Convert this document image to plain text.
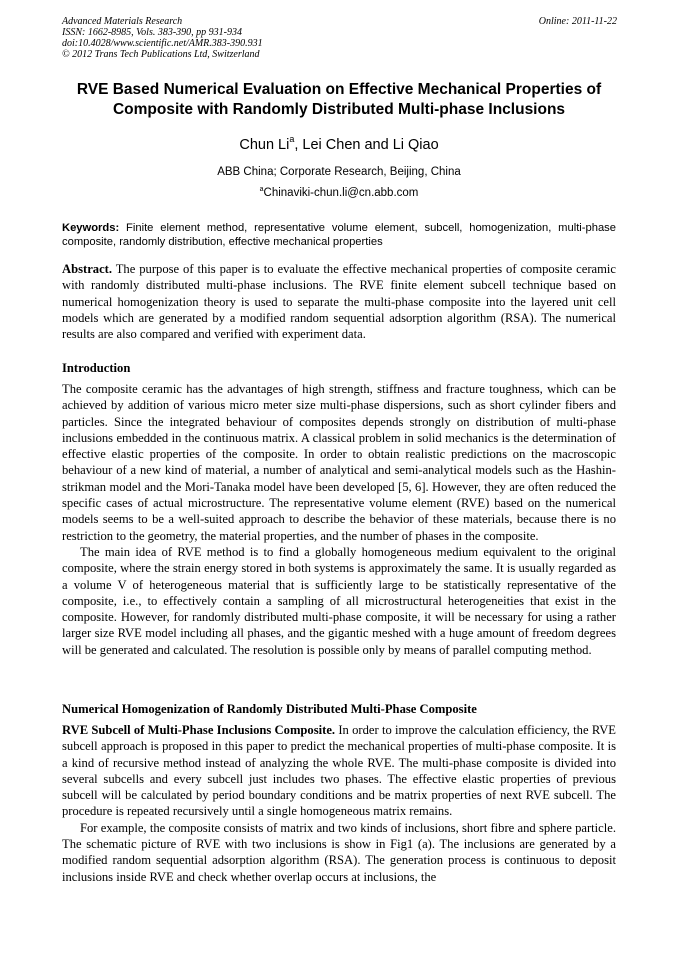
Advanced Materials Research	Online: 2011-11-22
ISSN: 1662-8985, Vols. 383-390, pp 931-934
doi:10.4028/www.scientific.net/AMR.383-390.931
© 2012 Trans Tech Publications Ltd, Switzerland
RVE Based Numerical Evaluation on Effective Mechanical Properties of Composite with Randomly Distributed Multi-phase Inclusions
Chun Li$^a$, Lei Chen and Li Qiao
ABB China; Corporate Research, Beijing, China
$^a$Chinaviki-chun.li@cn.abb.com
Keywords: Finite element method, representative volume element, subcell, homogenization, multi-phase composite, randomly distribution, effective mechanical properties

Abstract. The purpose of this paper is to evaluate the effective mechanical properties of composite ceramic with randomly distributed multi-phase inclusions. The RVE finite element subcell technique based on numerical homogenization theory is used to separate the multi-phase composite into the layered unit cell models which are generated by a modified random sequential adsorption algorithm (RSA). The numerical results are also compared and verified with experiment data.

Introduction

The composite ceramic has the advantages of high strength, stiffness and fracture toughness, which can be achieved by addition of various micro meter size multi-phase dispersions, such as short cylinder fibers and particles. Since the integrated behaviour of composites depends strongly on distribution of multi-phase inclusions embedded in the continuous matrix. A classical problem in solid mechanics is the determination of effective elastic properties of the composite. In order to obtain realistic predictions on the macroscopic behaviour of a new kind of material, a number of analytical and semi-analytical models such as the Hashin-strikman model and the Mori-Tanaka model have been developed [5, 6]. However, they are often reduced the specific cases of actual microstructure. The representative volume element (RVE) based on the numerical models seems to be a well-suited approach to describe the behavior of these materials, because there is no restriction to the geometry, the material properties, and the number of phases in the composite.

The main idea of RVE method is to find a globally homogeneous medium equivalent to the original composite, where the strain energy stored in both systems is approximately the same. It is usually regarded as a volume V of heterogeneous material that is sufficiently large to be statistically representative of the composite, i.e., to effectively contain a sampling of all microstructural heterogeneities that exist in the composite. However, for randomly distributed multi-phase composite, it will be necessary for using a rather larger size RVE model including all phases, and the gigantic meshed with a huge amount of freedom degrees will be generated and calculated. The resolution is possible only by means of parallel computing method.

Numerical Homogenization of Randomly Distributed Multi-Phase Composite

RVE Subcell of Multi-Phase Inclusions Composite. In order to improve the calculation efficiency, the RVE subcell approach is proposed in this paper to predict the mechanical properties of multi-phase composite. It is a kind of recursive method instead of analyzing the whole RVE. The multi-phase composite is divided into several subcells and every subcell just includes two phases. The effective elastic properties of previous subcell will be calculated by period boundary conditions and be matrix properties of next RVE subcell. The procedure is repeated recursively until a single homogeneous matrix remains.

For example, the composite consists of matrix and two kinds of inclusions, short fibre and sphere particle. The schematic picture of RVE with two inclusions is show in Fig1 (a). The inclusions are generated by a modified random sequential adsorption algorithm (RSA). The generation process is continuous to deposit inclusions inside RVE and check whether overlap occurs at inclusions, the
